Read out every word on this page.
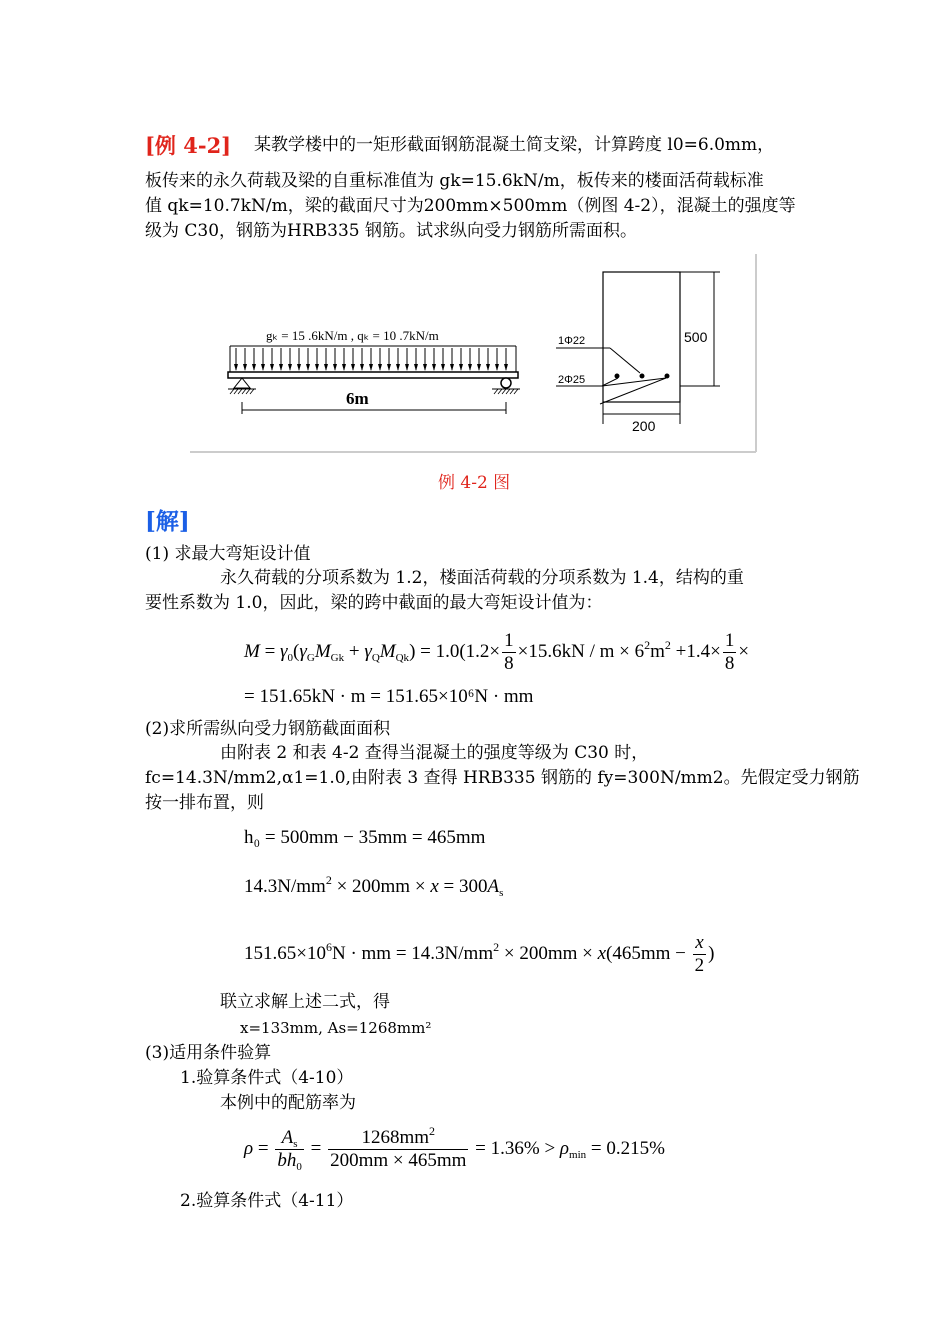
[例 4-2] 某教学楼中的一矩形截面钢筋混凝土简支梁，计算跨度 l0=6.0mm，
板传来的永久荷载及梁的自重标准值为 gk=15.6kN/m，板传来的楼面活荷载标准
值 qk=10.7kN/m，梁的截面尺寸为200mm×500mm（例图 4-2），混凝土的强度等
级为 C30，钢筋为HRB335 钢筋。试求纵向受力钢筋所需面积。
gₖ = 15 .6kN/m , qₖ = 10 .7kN/m
6m
500
200
1Φ22
2Φ25
例 4-2 图
[解]
(1) 求最大弯矩设计值
永久荷载的分项系数为 1.2，楼面活荷载的分项系数为 1.4，结构的重
要性系数为 1.0，因此，梁的跨中截面的最大弯矩设计值为：
$M = \gamma_0(\gamma_GM_{Gk} + \gamma_QM_{Qk}) = 1.0(1.2\times \frac{1}{8} \times 15.6kN / m \times 6^2m^2 +1.4\times \frac{1}{8}$ ×
= 151.65kN · m = 151.65×10⁶N · mm
(2)求所需纵向受力钢筋截面面积
由附表 2 和表 4-2 查得当混凝土的强度等级为 C30 时，
fc=14.3N/mm2,α1=1.0,由附表 3 查得 HRB335 钢筋的 fy=300N/mm2。先假定受力钢筋
按一排布置，则
h₀ = 500mm − 35mm = 465mm
$14.3N/mm^2 \times 200mm \times x = 300A_s$
$151.65\times 10^6N$ · mm = $14.3N/mm^2 \times 200mm \times x(465mm - \frac{x}{2}$ )
联立求解上述二式，得
x=133mm, As=1268mm²
(3)适用条件验算
1.验算条件式（4-10）
本例中的配筋率为
$\rho = \frac{A_s}{bh_0} = \frac{1268mm^2}{200mm \times 465mm} = 1.36\% > \rho_{min} = 0.215\%$
2.验算条件式（4-11）
